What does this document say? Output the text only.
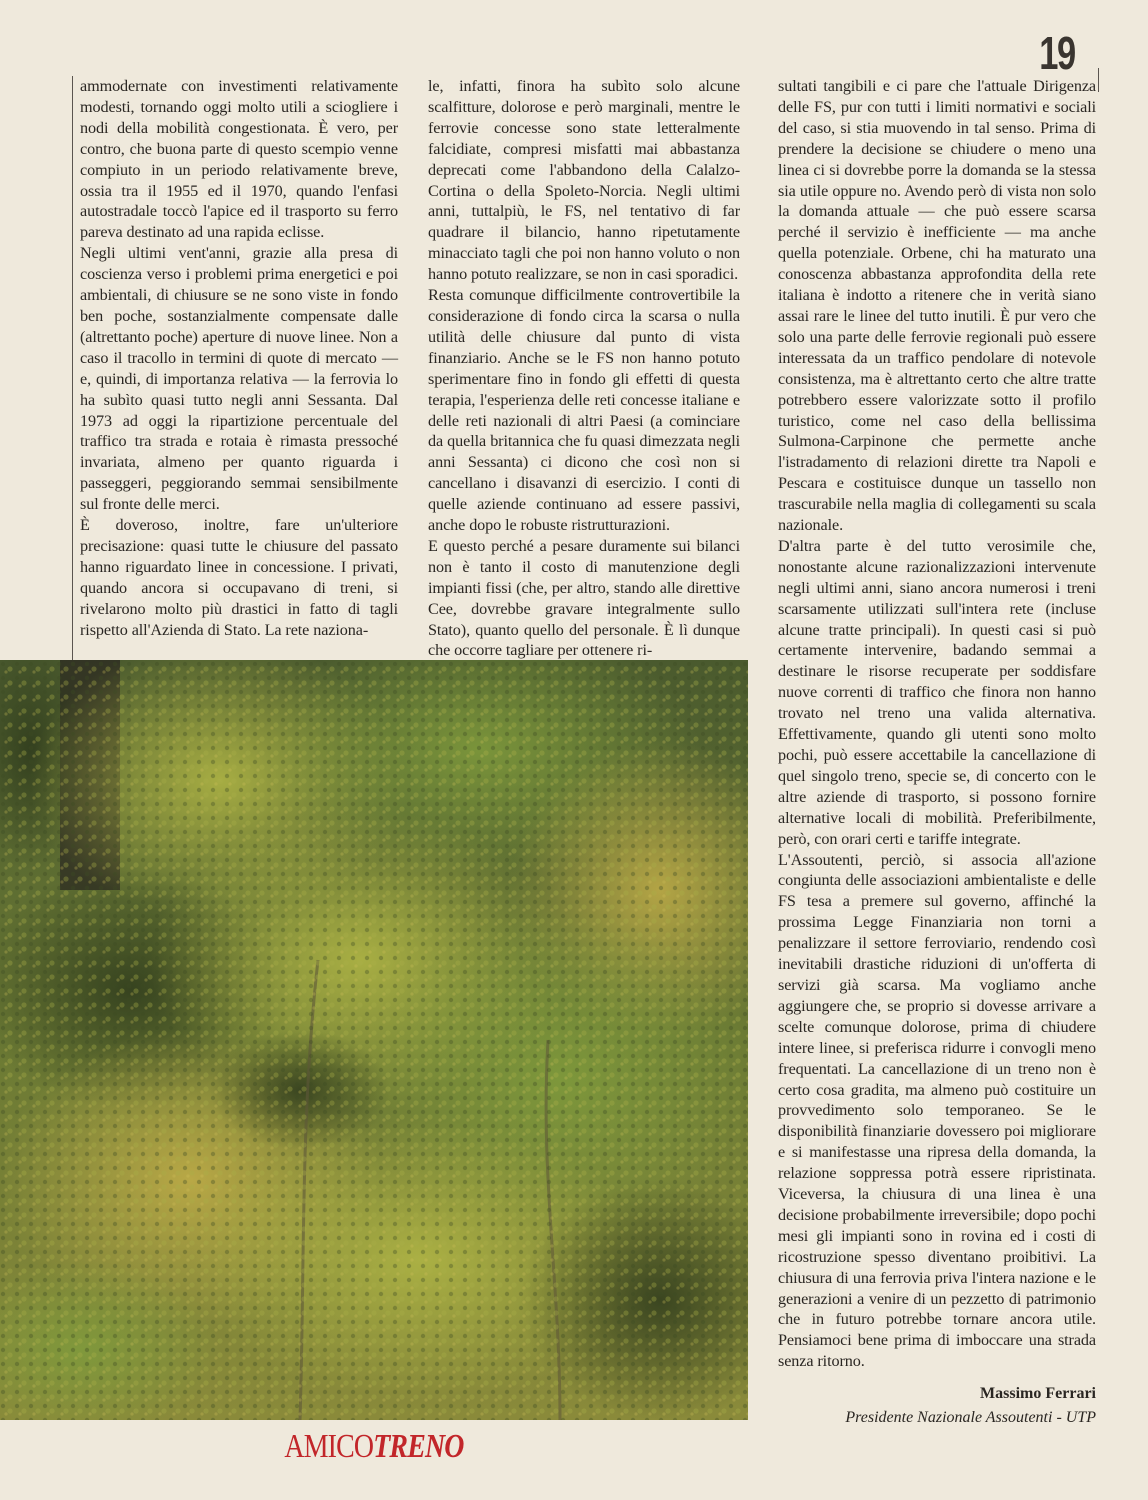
19

ammodernate con investimenti relativamente modesti, tornando oggi molto utili a sciogliere i nodi della mobilità congestionata. È vero, per contro, che buona parte di questo scempio venne compiuto in un periodo relativamente breve, ossia tra il 1955 ed il 1970, quando l'enfasi autostradale toccò l'apice ed il trasporto su ferro pareva destinato ad una rapida eclisse.

Negli ultimi vent'anni, grazie alla presa di coscienza verso i problemi prima energetici e poi ambientali, di chiusure se ne sono viste in fondo ben poche, sostanzialmente compensate dalle (altrettanto poche) aperture di nuove linee. Non a caso il tracollo in termini di quote di mercato — e, quindi, di importanza relativa — la ferrovia lo ha subìto quasi tutto negli anni Sessanta. Dal 1973 ad oggi la ripartizione percentuale del traffico tra strada e rotaia è rimasta pressoché invariata, almeno per quanto riguarda i passeggeri, peggiorando semmai sensibilmente sul fronte delle merci.

È doveroso, inoltre, fare un'ulteriore precisazione: quasi tutte le chiusure del passato hanno riguardato linee in concessione. I privati, quando ancora si occupavano di treni, si rivelarono molto più drastici in fatto di tagli rispetto all'Azienda di Stato. La rete naziona-

le, infatti, finora ha subìto solo alcune scalfitture, dolorose e però marginali, mentre le ferrovie concesse sono state letteralmente falcidiate, compresi misfatti mai abbastanza deprecati come l'abbandono della Calalzo-Cortina o della Spoleto-Norcia. Negli ultimi anni, tuttalpiù, le FS, nel tentativo di far quadrare il bilancio, hanno ripetutamente minacciato tagli che poi non hanno voluto o non hanno potuto realizzare, se non in casi sporadici.

Resta comunque difficilmente controvertibile la considerazione di fondo circa la scarsa o nulla utilità delle chiusure dal punto di vista finanziario. Anche se le FS non hanno potuto sperimentare fino in fondo gli effetti di questa terapia, l'esperienza delle reti concesse italiane e delle reti nazionali di altri Paesi (a cominciare da quella britannica che fu quasi dimezzata negli anni Sessanta) ci dicono che così non si cancellano i disavanzi di esercizio. I conti di quelle aziende continuano ad essere passivi, anche dopo le robuste ristrutturazioni.

E questo perché a pesare duramente sui bilanci non è tanto il costo di manutenzione degli impianti fissi (che, per altro, stando alle direttive Cee, dovrebbe gravare integralmente sullo Stato), quanto quello del personale. È lì dunque che occorre tagliare per ottenere ri-

sultati tangibili e ci pare che l'attuale Dirigenza delle FS, pur con tutti i limiti normativi e sociali del caso, si stia muovendo in tal senso. Prima di prendere la decisione se chiudere o meno una linea ci si dovrebbe porre la domanda se la stessa sia utile oppure no. Avendo però di vista non solo la domanda attuale — che può essere scarsa perché il servizio è inefficiente — ma anche quella potenziale. Orbene, chi ha maturato una conoscenza abbastanza approfondita della rete italiana è indotto a ritenere che in verità siano assai rare le linee del tutto inutili. È pur vero che solo una parte delle ferrovie regionali può essere interessata da un traffico pendolare di notevole consistenza, ma è altrettanto certo che altre tratte potrebbero essere valorizzate sotto il profilo turistico, come nel caso della bellissima Sulmona-Carpinone che permette anche l'istradamento di relazioni dirette tra Napoli e Pescara e costituisce dunque un tassello non trascurabile nella maglia di collegamenti su scala nazionale.

D'altra parte è del tutto verosimile che, nonostante alcune razionalizzazioni intervenute negli ultimi anni, siano ancora numerosi i treni scarsamente utilizzati sull'intera rete (incluse alcune tratte principali). In questi casi si può certamente intervenire, badando semmai a destinare le risorse recuperate per soddisfare nuove correnti di traffico che finora non hanno trovato nel treno una valida alternativa. Effettivamente, quando gli utenti sono molto pochi, può essere accettabile la cancellazione di quel singolo treno, specie se, di concerto con le altre aziende di trasporto, si possono fornire alternative locali di mobilità. Preferibilmente, però, con orari certi e tariffe integrate.

L'Assoutenti, perciò, si associa all'azione congiunta delle associazioni ambientaliste e delle FS tesa a premere sul governo, affinché la prossima Legge Finanziaria non torni a penalizzare il settore ferroviario, rendendo così inevitabili drastiche riduzioni di un'offerta di servizi già scarsa. Ma vogliamo anche aggiungere che, se proprio si dovesse arrivare a scelte comunque dolorose, prima di chiudere intere linee, si preferisca ridurre i convogli meno frequentati. La cancellazione di un treno non è certo cosa gradita, ma almeno può costituire un provvedimento solo temporaneo. Se le disponibilità finanziarie dovessero poi migliorare e si manifestasse una ripresa della domanda, la relazione soppressa potrà essere ripristinata. Viceversa, la chiusura di una linea è una decisione probabilmente irreversibile; dopo pochi mesi gli impianti sono in rovina ed i costi di ricostruzione spesso diventano proibitivi. La chiusura di una ferrovia priva l'intera nazione e le generazioni a venire di un pezzetto di patrimonio che in futuro potrebbe tornare ancora utile. Pensiamoci bene prima di imboccare una strada senza ritorno.

Massimo Ferrari
Presidente Nazionale Assoutenti - UTP
AMICOTRENO
